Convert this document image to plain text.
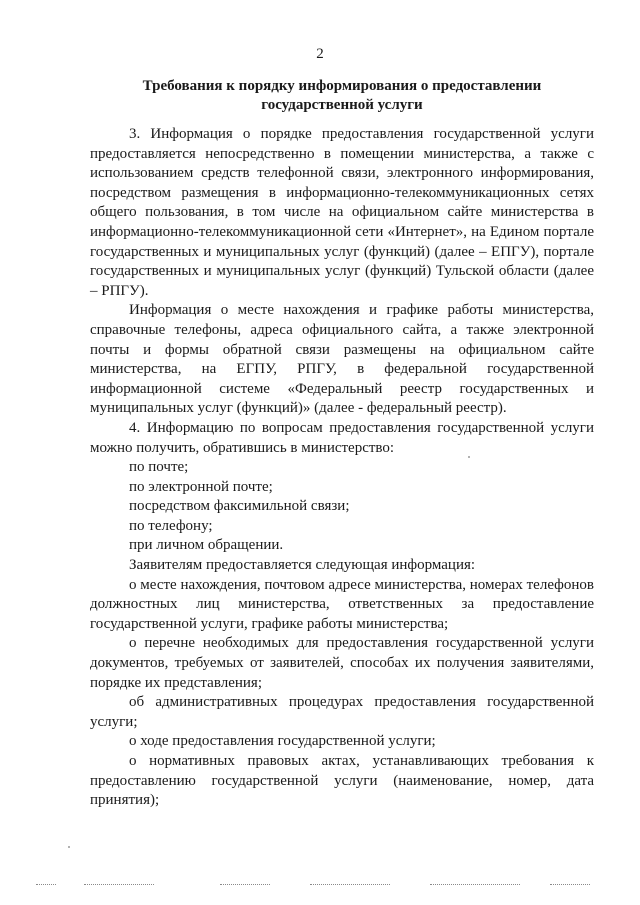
2
Требования к порядку информирования о предоставлении
государственной услуги

3. Информация о порядке предоставления государственной услуги предоставляется непосредственно в помещении министерства, а также с использованием средств телефонной связи, электронного информирования, посредством размещения в информационно-телекоммуникационных сетях общего пользования, в том числе на официальном сайте министерства в информационно-телекоммуникационной сети «Интернет», на Едином портале государственных и муниципальных услуг (функций) (далее – ЕПГУ), портале государственных и муниципальных услуг (функций) Тульской области (далее – РПГУ).

Информация о месте нахождения и графике работы министерства, справочные телефоны, адреса официального сайта, а также электронной почты и формы обратной связи размещены на официальном сайте министерства, на ЕГПУ, РПГУ, в федеральной государственной информационной системе «Федеральный реестр государственных и муниципальных услуг (функций)» (далее - федеральный реестр).

4. Информацию по вопросам предоставления государственной услуги можно получить, обратившись в министерство:

по почте;

по электронной почте;

посредством факсимильной связи;

по телефону;

при личном обращении.

Заявителям предоставляется следующая информация:

о месте нахождения, почтовом адресе министерства, номерах телефонов должностных лиц министерства, ответственных за предоставление государственной услуги, графике работы министерства;

о перечне необходимых для предоставления государственной услуги документов, требуемых от заявителей, способах их получения заявителями, порядке их представления;

об административных процедурах предоставления государственной услуги;

о ходе предоставления государственной услуги;

о нормативных правовых актах, устанавливающих требования к предоставлению государственной услуги (наименование, номер, дата принятия);
